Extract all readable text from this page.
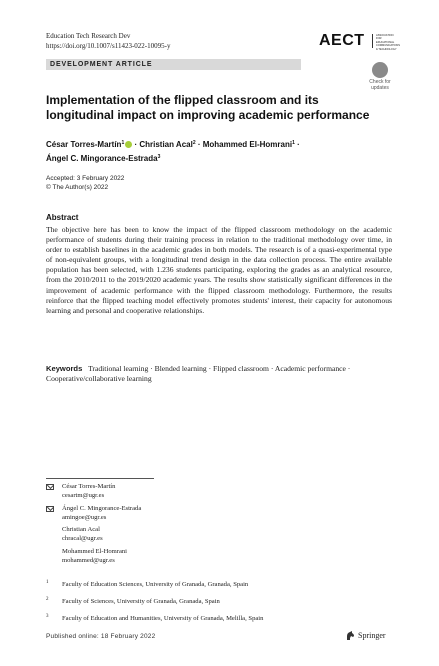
Education Tech Research Dev
https://doi.org/10.1007/s11423-022-10095-y	AECT	ASSOCIATION FOR EDUCATIONAL COMMUNICATIONS & TECHNOLOGY
DEVELOPMENT ARTICLE
Check for
updates
Implementation of the flipped classroom and its longitudinal impact on improving academic performance
César Torres-Martín$^1$ · Christian Acal$^2$ · Mohammed El-Homrani$^1$ ·
Ángel C. Mingorance-Estrada$^3$
Accepted: 3 February 2022
© The Author(s) 2022
Abstract
The objective here has been to know the impact of the flipped classroom methodology on the academic performance of students during their training process in relation to the traditional methodology over time, in order to establish baselines in the academic grades in both models. The research is of a quasi-experimental type of non-equivalent groups, with a longitudinal trend design in the data collection process. The entire available population has been selected, with 1.236 students participating, exploring the grades as an analytical resource, from the 2010/2011 to the 2019/2020 academic years. The results show statistically significant differences in the improvement of academic performance with the flipped classroom methodology. Furthermore, the results reinforce that the flipped teaching model effectively promotes students' interest, their capacity for autonomous learning and personal and cooperative relationships.
Keywords Traditional learning · Blended learning · Flipped classroom · Academic performance · Cooperative/collaborative learning
César Torres-Martín
cesartm@ugr.es
Ángel C. Mingorance-Estrada
amingoe@ugr.es
Christian Acal
chracal@ugr.es
Mohammed El-Homrani
mohammed@ugr.es
1 Faculty of Education Sciences, University of Granada, Granada, Spain
2 Faculty of Sciences, University of Granada, Granada, Spain
3 Faculty of Education and Humanities, University of Granada, Melilla, Spain
Published online: 18 February 2022	Springer
